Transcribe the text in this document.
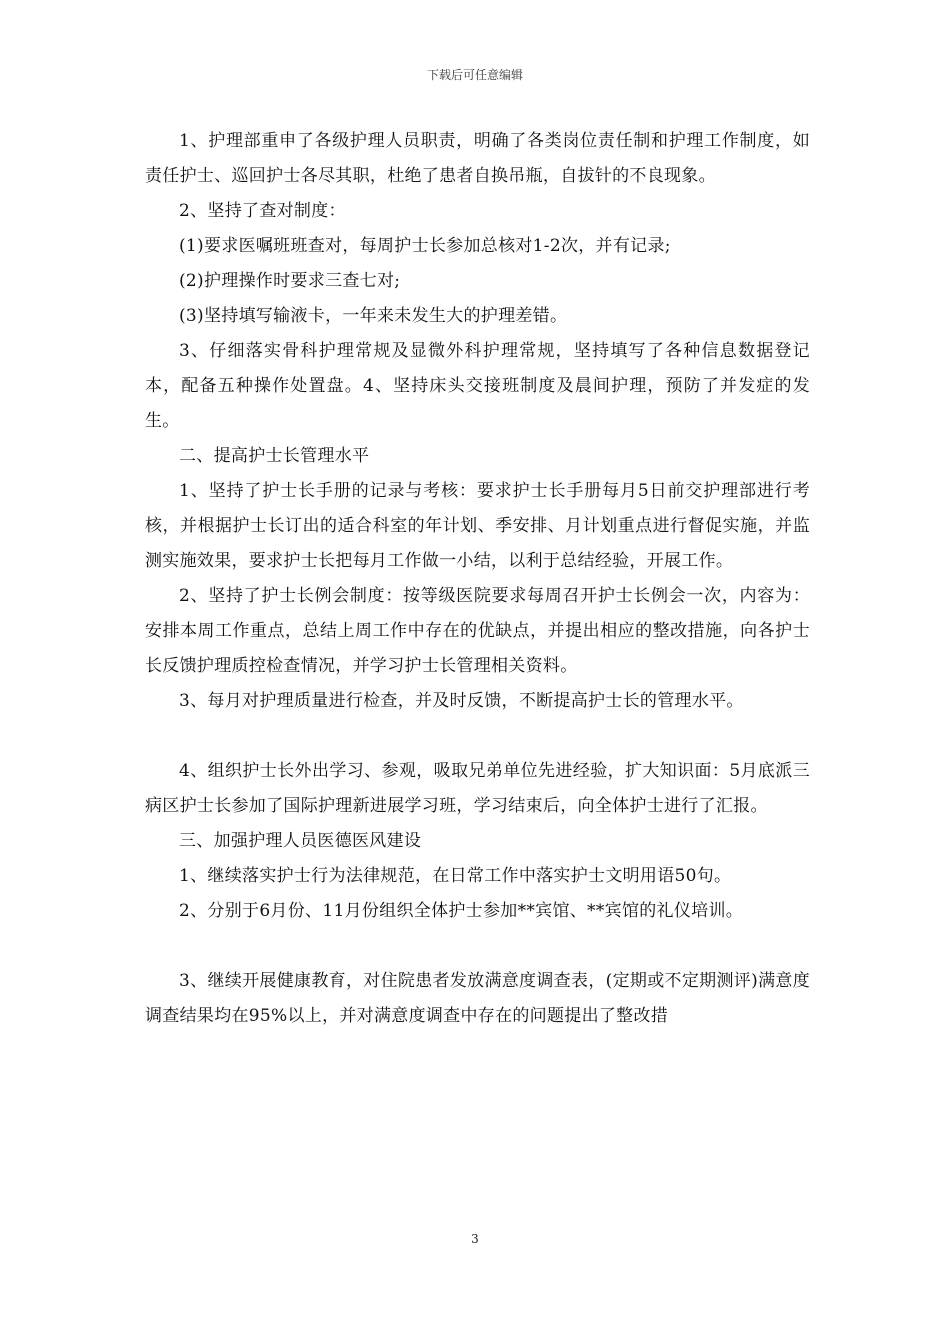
下载后可任意编辑

1、护理部重申了各级护理人员职责，明确了各类岗位责任制和护理工作制度，如责任护士、巡回护士各尽其职，杜绝了患者自换吊瓶，自拔针的不良现象。

2、坚持了查对制度：

(1)要求医嘱班班查对，每周护士长参加总核对1-2次，并有记录;

(2)护理操作时要求三查七对;

(3)坚持填写输液卡，一年来未发生大的护理差错。

3、仔细落实骨科护理常规及显微外科护理常规，坚持填写了各种信息数据登记本，配备五种操作处置盘。4、坚持床头交接班制度及晨间护理，预防了并发症的发生。

二、提高护士长管理水平

1、坚持了护士长手册的记录与考核：要求护士长手册每月5日前交护理部进行考核，并根据护士长订出的适合科室的年计划、季安排、月计划重点进行督促实施，并监测实施效果，要求护士长把每月工作做一小结，以利于总结经验，开展工作。

2、坚持了护士长例会制度：按等级医院要求每周召开护士长例会一次，内容为：安排本周工作重点，总结上周工作中存在的优缺点，并提出相应的整改措施，向各护士长反馈护理质控检查情况，并学习护士长管理相关资料。

3、每月对护理质量进行检查，并及时反馈，不断提高护士长的管理水平。

4、组织护士长外出学习、参观，吸取兄弟单位先进经验，扩大知识面：5月底派三病区护士长参加了国际护理新进展学习班，学习结束后，向全体护士进行了汇报。

三、加强护理人员医德医风建设

1、继续落实护士行为法律规范，在日常工作中落实护士文明用语50句。

2、分别于6月份、11月份组织全体护士参加**宾馆、**宾馆的礼仪培训。

3、继续开展健康教育，对住院患者发放满意度调查表，(定期或不定期测评)满意度调查结果均在95%以上，并对满意度调查中存在的问题提出了整改措

3
